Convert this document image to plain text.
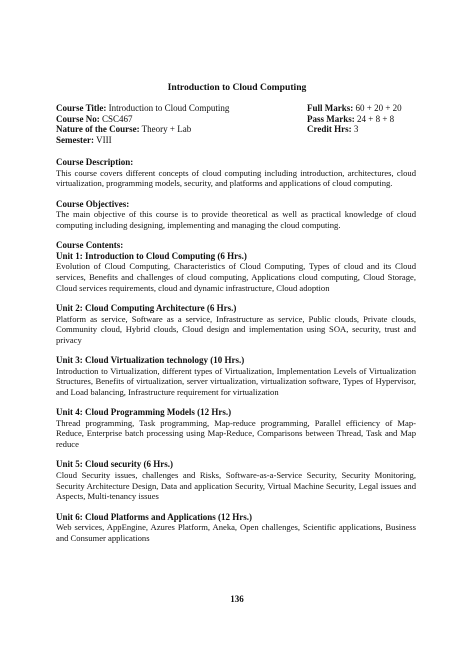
Introduction to Cloud Computing
Course Title: Introduction to Cloud Computing	Full Marks: 60 + 20 + 20
Course No: CSC467	Pass Marks: 24 + 8 + 8
Nature of the Course: Theory + Lab	Credit Hrs: 3
Semester: VIII
Course Description:

This course covers different concepts of cloud computing including introduction, architectures, cloud virtualization, programming models, security, and platforms and applications of cloud computing.

Course Objectives:

The main objective of this course is to provide theoretical as well as practical knowledge of cloud computing including designing, implementing and managing the cloud computing.

Course Contents:
Unit 1: Introduction to Cloud Computing (6 Hrs.)

Evolution of Cloud Computing, Characteristics of Cloud Computing, Types of cloud and its Cloud services, Benefits and challenges of cloud computing, Applications cloud computing, Cloud Storage, Cloud services requirements, cloud and dynamic infrastructure, Cloud adoption

Unit 2: Cloud Computing Architecture (6 Hrs.)

Platform as service, Software as a service, Infrastructure as service, Public clouds, Private clouds, Community cloud, Hybrid clouds, Cloud design and implementation using SOA, security, trust and privacy

Unit 3: Cloud Virtualization technology (10 Hrs.)

Introduction to Virtualization, different types of Virtualization, Implementation Levels of Virtualization Structures, Benefits of virtualization, server virtualization, virtualization software, Types of Hypervisor, and Load balancing, Infrastructure requirement for virtualization

Unit 4: Cloud Programming Models (12 Hrs.)

Thread programming, Task programming, Map-reduce programming, Parallel efficiency of Map-Reduce, Enterprise batch processing using Map-Reduce, Comparisons between Thread, Task and Map reduce

Unit 5: Cloud security (6 Hrs.)

Cloud Security issues, challenges and Risks, Software-as-a-Service Security, Security Monitoring, Security Architecture Design, Data and application Security, Virtual Machine Security, Legal issues and Aspects, Multi-tenancy issues

Unit 6: Cloud Platforms and Applications (12 Hrs.)

Web services, AppEngine, Azures Platform, Aneka, Open challenges, Scientific applications, Business and Consumer applications

136
